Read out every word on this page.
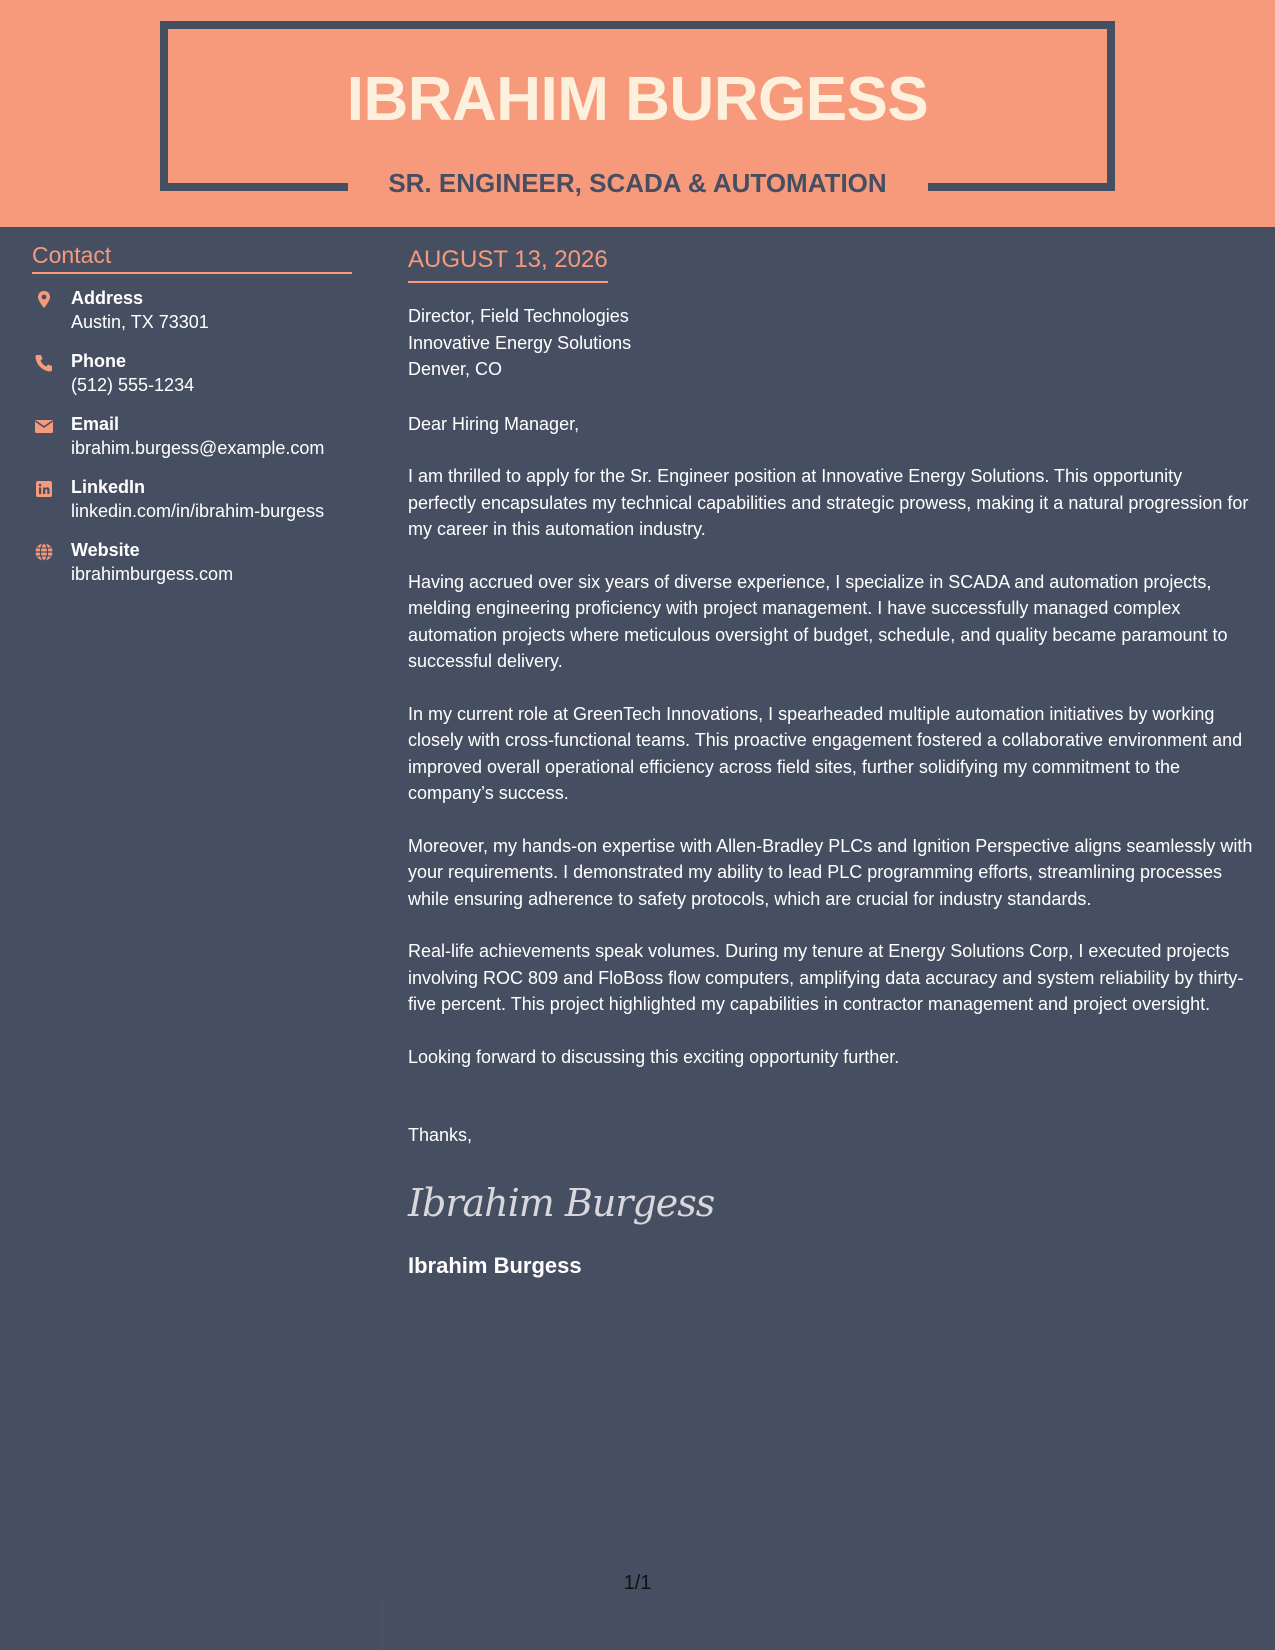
IBRAHIM BURGESS
SR. ENGINEER, SCADA & AUTOMATION
Contact
Address
Austin, TX 73301
Phone
(512) 555-1234
Email
ibrahim.burgess@example.com
LinkedIn
linkedin.com/in/ibrahim-burgess
Website
ibrahimburgess.com
AUGUST 13, 2026
Director, Field Technologies
Innovative Energy Solutions
Denver, CO
Dear Hiring Manager,
I am thrilled to apply for the Sr. Engineer position at Innovative Energy Solutions. This opportunity perfectly encapsulates my technical capabilities and strategic prowess, making it a natural progression for my career in this automation industry.
Having accrued over six years of diverse experience, I specialize in SCADA and automation projects, melding engineering proficiency with project management. I have successfully managed complex automation projects where meticulous oversight of budget, schedule, and quality became paramount to successful delivery.
In my current role at GreenTech Innovations, I spearheaded multiple automation initiatives by working closely with cross-functional teams. This proactive engagement fostered a collaborative environment and improved overall operational efficiency across field sites, further solidifying my commitment to the company’s success.
Moreover, my hands-on expertise with Allen-Bradley PLCs and Ignition Perspective aligns seamlessly with your requirements. I demonstrated my ability to lead PLC programming efforts, streamlining processes while ensuring adherence to safety protocols, which are crucial for industry standards.
Real-life achievements speak volumes. During my tenure at Energy Solutions Corp, I executed projects involving ROC 809 and FloBoss flow computers, amplifying data accuracy and system reliability by thirty-five percent. This project highlighted my capabilities in contractor management and project oversight.
Looking forward to discussing this exciting opportunity further.
Thanks,
Ibrahim Burgess
Ibrahim Burgess
1/1
